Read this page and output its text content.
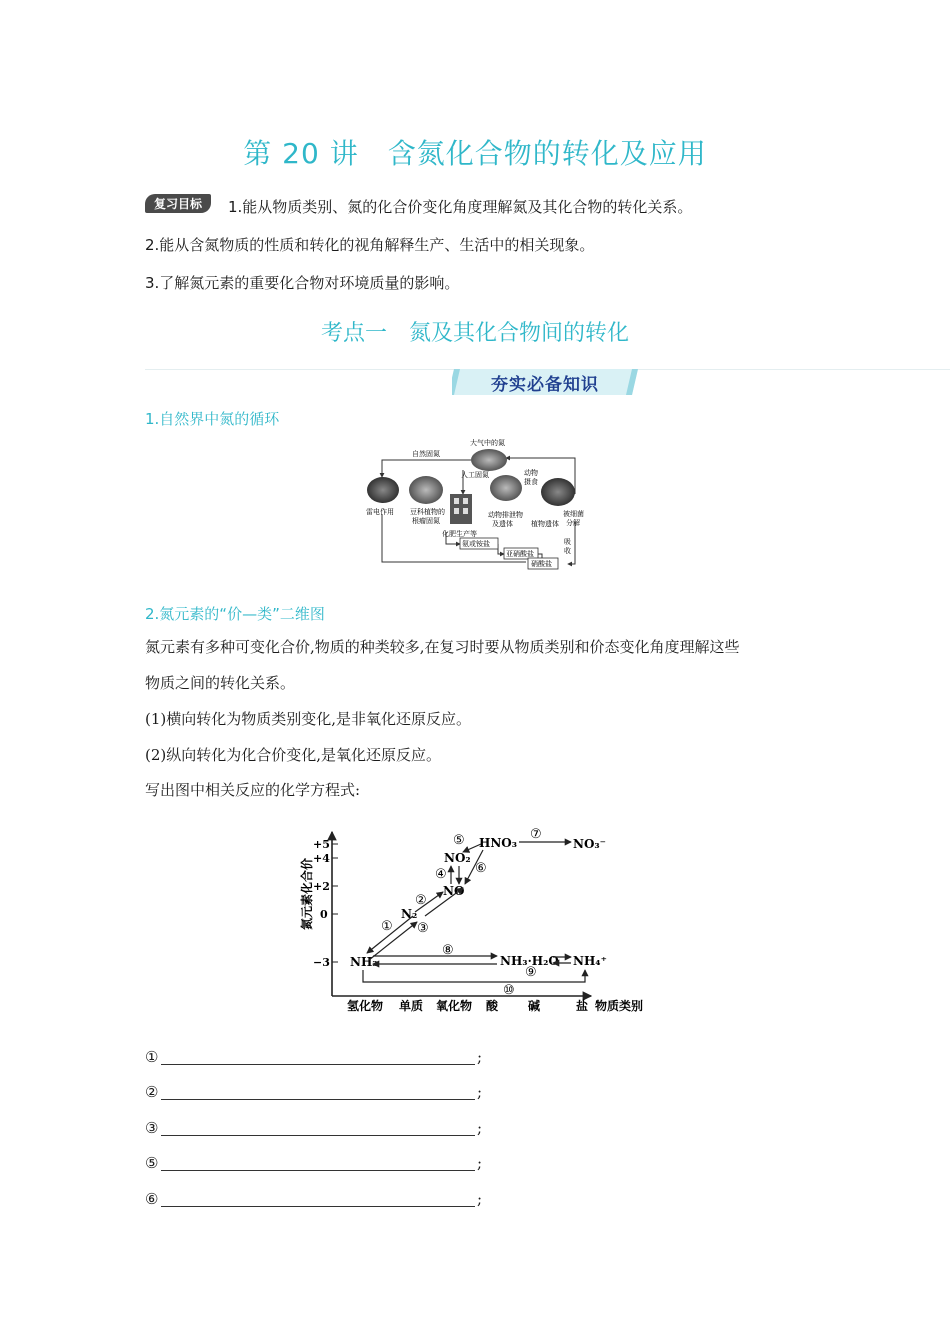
第 20 讲　含氮化合物的转化及应用
复习目标	1.能从物质类别、氮的化合价变化角度理解氮及其化合物的转化关系。
2.能从含氮物质的性质和转化的视角解释生产、生活中的相关现象。
3.了解氮元素的重要化合物对环境质量的影响。
考点一　氮及其化合物间的转化
夯实必备知识
1.自然界中氮的循环
大气中的氮
自然固氮
人工固氮
雷电作用 豆科植物的
根瘤固氮
化肥生产等
动物排泄物
及遗体
动物
摄食
植物遗体
被细菌
分解
吸
收
氨或铵盐
亚硝酸盐
硝酸盐
2.氮元素的“价—类”二维图
氮元素有多种可变化合价,物质的种类较多,在复习时要从物质类别和价态变化角度理解这些
物质之间的转化关系。
(1)横向转化为物质类别变化,是非氧化还原反应。
(2)纵向转化为化合价变化,是氧化还原反应。
写出图中相关反应的化学方程式:
氮元素化合价
+5
+4
+2
0
−3
氢化物 单质 氧化物 酸 碱	盐 物质类别
NH₃
N₂
NO
NO₂
HNO₃	NO₃⁻
NH₃·H₂O NH₄⁺
①
②
③
④
⑤
⑥
⑦
⑧
⑨
⑩
①	;
②	;
③	;
⑤	;
⑥	;
